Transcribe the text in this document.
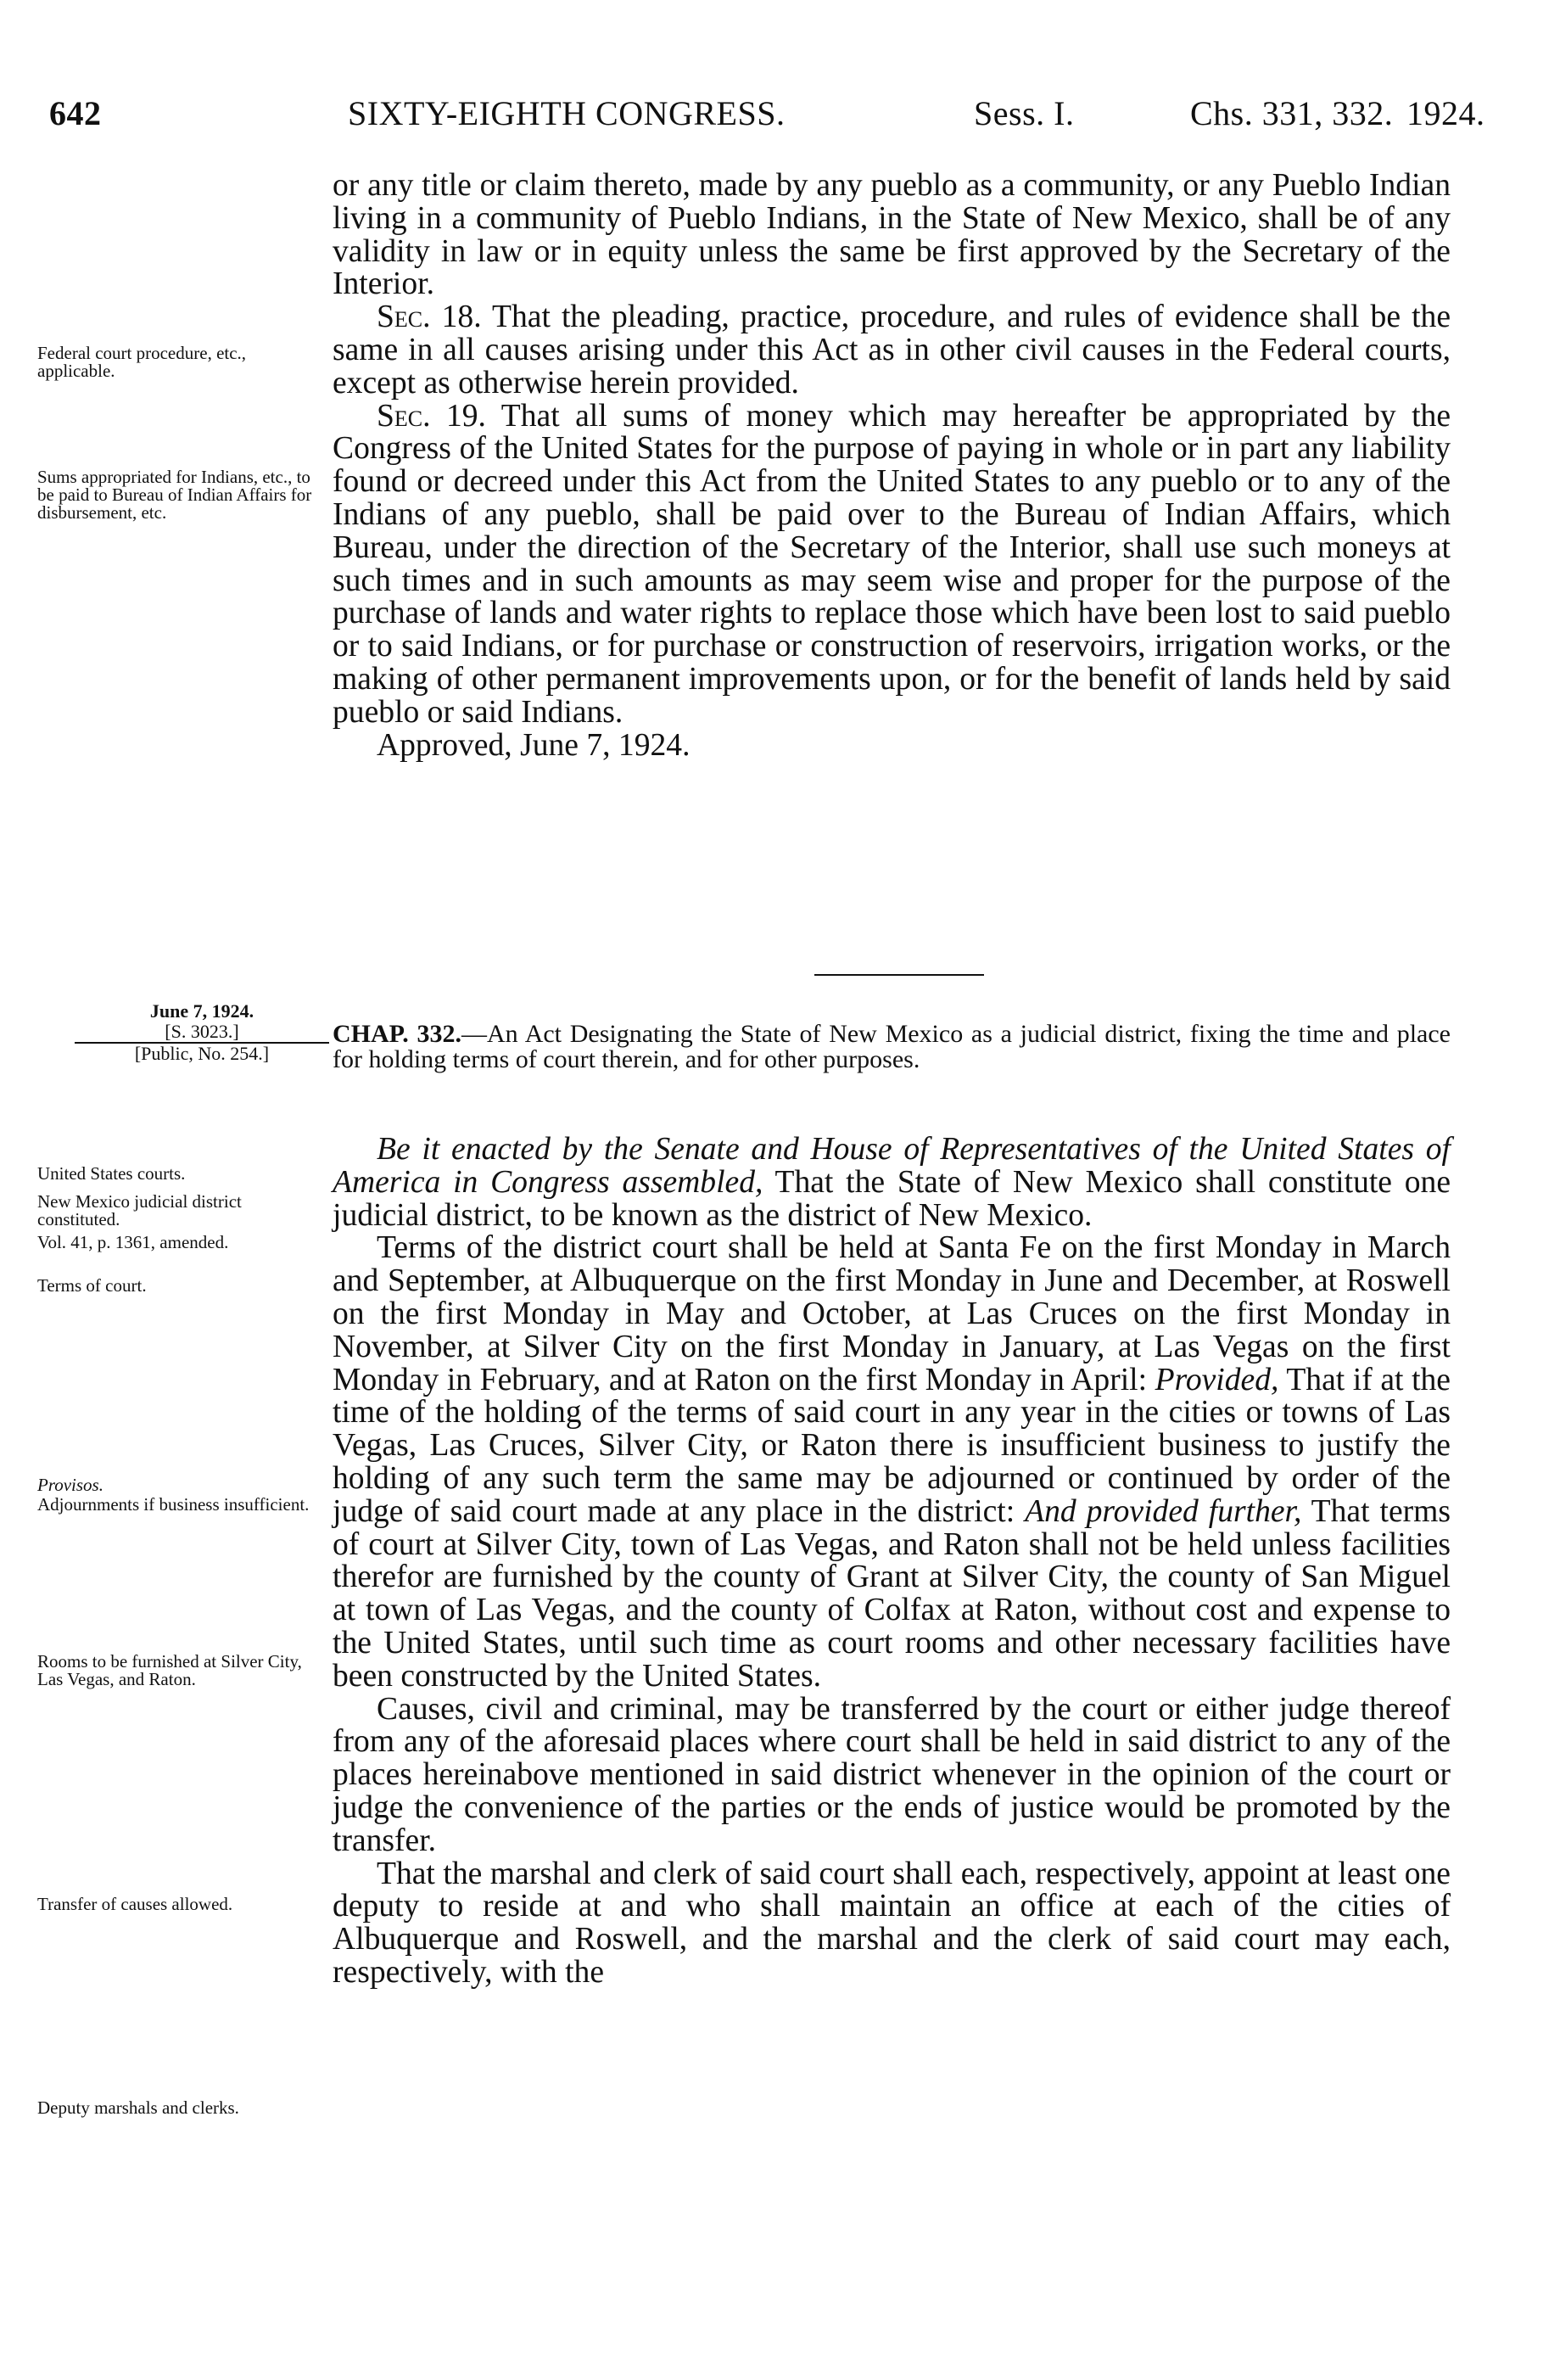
642	SIXTY-EIGHTH CONGRESS.	Sess. I.	Chs. 331, 332. 1924.

or any title or claim thereto, made by any pueblo as a community, or any Pueblo Indian living in a community of Pueblo Indians, in the State of New Mexico, shall be of any validity in law or in equity unless the same be first approved by the Secretary of the Interior.

Sec. 18. That the pleading, practice, procedure, and rules of evidence shall be the same in all causes arising under this Act as in other civil causes in the Federal courts, except as otherwise herein provided.

Sec. 19. That all sums of money which may hereafter be appropriated by the Congress of the United States for the purpose of paying in whole or in part any liability found or decreed under this Act from the United States to any pueblo or to any of the Indians of any pueblo, shall be paid over to the Bureau of Indian Affairs, which Bureau, under the direction of the Secretary of the Interior, shall use such moneys at such times and in such amounts as may seem wise and proper for the purpose of the purchase of lands and water rights to replace those which have been lost to said pueblo or to said Indians, or for purchase or construction of reservoirs, irrigation works, or the making of other permanent improvements upon, or for the benefit of lands held by said pueblo or said Indians.

Approved, June 7, 1924.

Federal court procedure, etc., applicable.
Sums appropriated for Indians, etc., to be paid to Bureau of Indian Affairs for disbursement, etc.
June 7, 1924.
[S. 3023.]
[Public, No. 254.]
CHAP. 332.—An Act Designating the State of New Mexico as a judicial district, fixing the time and place for holding terms of court therein, and for other purposes.
United States courts.
New Mexico judicial district constituted.
Vol. 41, p. 1361, amended.
Terms of court.
Provisos.
Adjournments if business insufficient.
Rooms to be furnished at Silver City, Las Vegas, and Raton.
Transfer of causes allowed.
Deputy marshals and clerks.

Be it enacted by the Senate and House of Representatives of the United States of America in Congress assembled, That the State of New Mexico shall constitute one judicial district, to be known as the district of New Mexico.

Terms of the district court shall be held at Santa Fe on the first Monday in March and September, at Albuquerque on the first Monday in June and December, at Roswell on the first Monday in May and October, at Las Cruces on the first Monday in November, at Silver City on the first Monday in January, at Las Vegas on the first Monday in February, and at Raton on the first Monday in April: Provided, That if at the time of the holding of the terms of said court in any year in the cities or towns of Las Vegas, Las Cruces, Silver City, or Raton there is insufficient business to justify the holding of any such term the same may be adjourned or continued by order of the judge of said court made at any place in the district: And provided further, That terms of court at Silver City, town of Las Vegas, and Raton shall not be held unless facilities therefor are furnished by the county of Grant at Silver City, the county of San Miguel at town of Las Vegas, and the county of Colfax at Raton, without cost and expense to the United States, until such time as court rooms and other necessary facilities have been constructed by the United States.

Causes, civil and criminal, may be transferred by the court or either judge thereof from any of the aforesaid places where court shall be held in said district to any of the places hereinabove mentioned in said district whenever in the opinion of the court or judge the convenience of the parties or the ends of justice would be promoted by the transfer.

That the marshal and clerk of said court shall each, respectively, appoint at least one deputy to reside at and who shall maintain an office at each of the cities of Albuquerque and Roswell, and the marshal and the clerk of said court may each, respectively, with the
